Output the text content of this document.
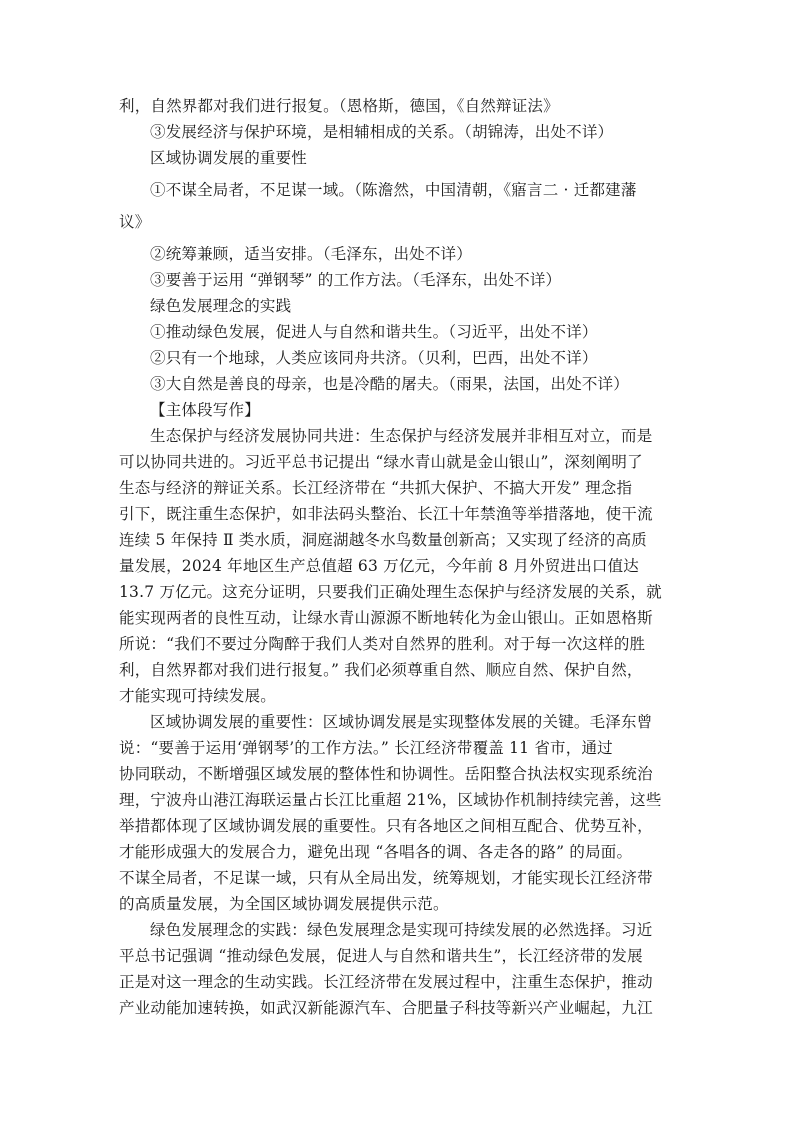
利，自然界都对我们进行报复。（恩格斯，德国，《自然辩证法》
③发展经济与保护环境，是相辅相成的关系。（胡锦涛，出处不详）
区域协调发展的重要性
①不谋全局者，不足谋一域。（陈澹然，中国清朝，《寤言二 · 迁都建藩
议》
②统筹兼顾，适当安排。（毛泽东，出处不详）
③要善于运用 “弹钢琴” 的工作方法。（毛泽东，出处不详）
绿色发展理念的实践
①推动绿色发展，促进人与自然和谐共生。（习近平，出处不详）
②只有一个地球，人类应该同舟共济。（贝利，巴西，出处不详）
③大自然是善良的母亲，也是冷酷的屠夫。（雨果，法国，出处不详）
【主体段写作】
生态保护与经济发展协同共进：生态保护与经济发展并非相互对立，而是
可以协同共进的。习近平总书记提出 “绿水青山就是金山银山”，深刻阐明了
生态与经济的辩证关系。长江经济带在 “共抓大保护、不搞大开发” 理念指
引下，既注重生态保护，如非法码头整治、长江十年禁渔等举措落地，使干流
连续 5 年保持 Ⅱ 类水质，洞庭湖越冬水鸟数量创新高；又实现了经济的高质
量发展，2024 年地区生产总值超 63 万亿元，今年前 8 月外贸进出口值达
13.7 万亿元。这充分证明，只要我们正确处理生态保护与经济发展的关系，就
能实现两者的良性互动，让绿水青山源源不断地转化为金山银山。正如恩格斯
所说：“我们不要过分陶醉于我们人类对自然界的胜利。对于每一次这样的胜
利，自然界都对我们进行报复。” 我们必须尊重自然、顺应自然、保护自然，
才能实现可持续发展。
区域协调发展的重要性：区域协调发展是实现整体发展的关键。毛泽东曾
说：“要善于运用‘弹钢琴’的工作方法。” 长江经济带覆盖 11 省市，通过
协同联动，不断增强区域发展的整体性和协调性。岳阳整合执法权实现系统治
理，宁波舟山港江海联运量占长江比重超 21%，区域协作机制持续完善，这些
举措都体现了区域协调发展的重要性。只有各地区之间相互配合、优势互补，
才能形成强大的发展合力，避免出现 “各唱各的调、各走各的路” 的局面。
不谋全局者，不足谋一域，只有从全局出发，统筹规划，才能实现长江经济带
的高质量发展，为全国区域协调发展提供示范。
绿色发展理念的实践：绿色发展理念是实现可持续发展的必然选择。习近
平总书记强调 “推动绿色发展，促进人与自然和谐共生”，长江经济带的发展
正是对这一理念的生动实践。长江经济带在发展过程中，注重生态保护，推动
产业动能加速转换，如武汉新能源汽车、合肥量子科技等新兴产业崛起，九江
